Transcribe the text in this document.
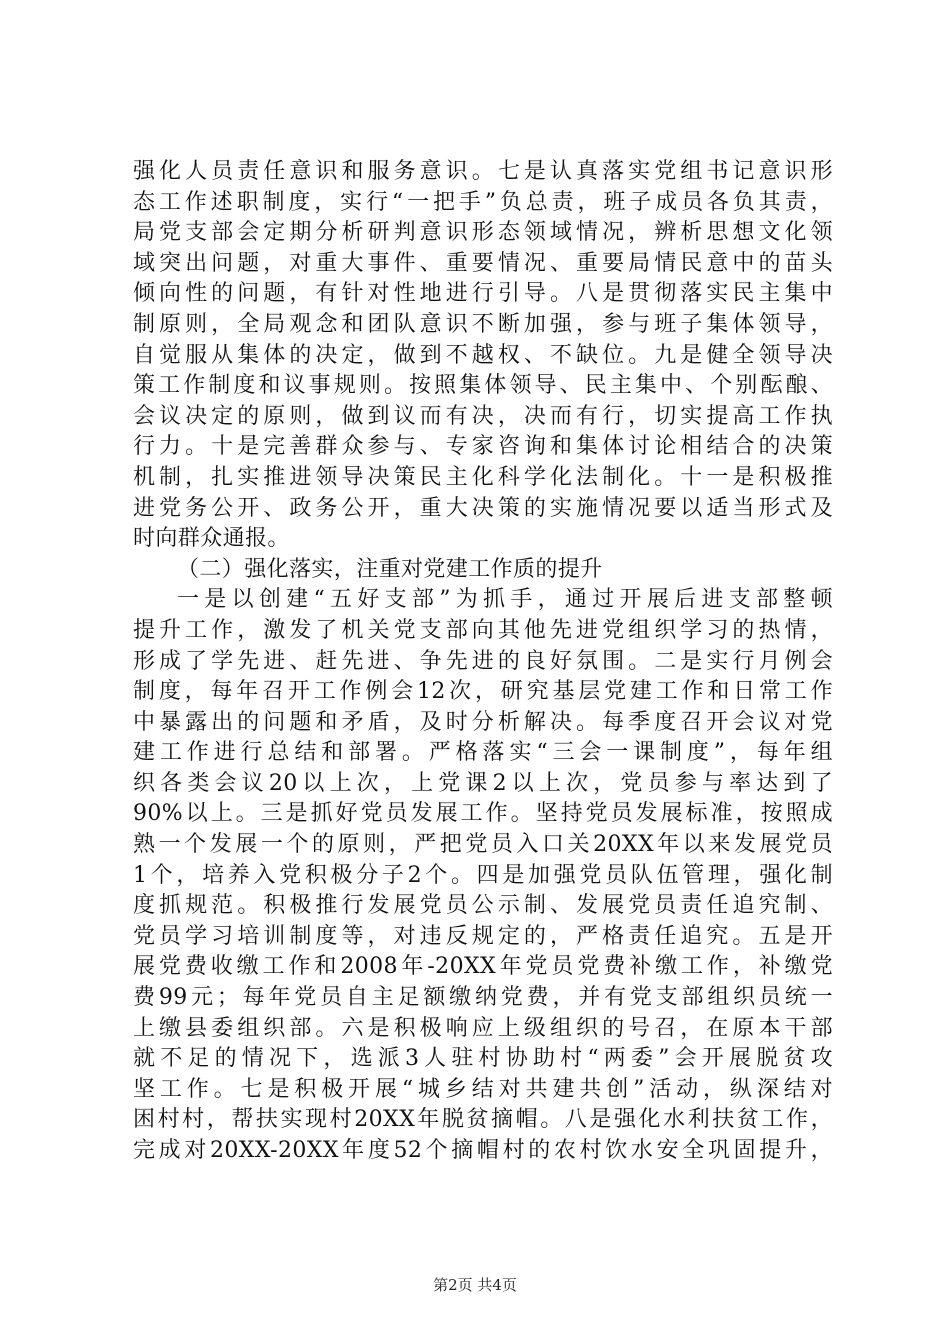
强化人员责任意识和服务意识。七是认真落实党组书记意识形
态工作述职制度，实行“一把手”负总责，班子成员各负其责，
局党支部会定期分析研判意识形态领域情况，辨析思想文化领
域突出问题，对重大事件、重要情况、重要局情民意中的苗头
倾向性的问题，有针对性地进行引导。八是贯彻落实民主集中
制原则，全局观念和团队意识不断加强，参与班子集体领导，
自觉服从集体的决定，做到不越权、不缺位。九是健全领导决
策工作制度和议事规则。按照集体领导、民主集中、个别酝酿、
会议决定的原则，做到议而有决，决而有行，切实提高工作执
行力。十是完善群众参与、专家咨询和集体讨论相结合的决策
机制，扎实推进领导决策民主化科学化法制化。十一是积极推
进党务公开、政务公开，重大决策的实施情况要以适当形式及
时向群众通报。
（二）强化落实，注重对党建工作质的提升
一是以创建“五好支部”为抓手，通过开展后进支部整顿
提升工作，激发了机关党支部向其他先进党组织学习的热情，
形成了学先进、赶先进、争先进的良好氛围。二是实行月例会
制度，每年召开工作例会12次，研究基层党建工作和日常工作
中暴露出的问题和矛盾，及时分析解决。每季度召开会议对党
建工作进行总结和部署。严格落实“三会一课制度”，每年组
织各类会议20以上次，上党课2以上次，党员参与率达到了
90%以上。三是抓好党员发展工作。坚持党员发展标准，按照成
熟一个发展一个的原则，严把党员入口关20XX年以来发展党员
1个，培养入党积极分子2个。四是加强党员队伍管理，强化制
度抓规范。积极推行发展党员公示制、发展党员责任追究制、
党员学习培训制度等，对违反规定的，严格责任追究。五是开
展党费收缴工作和2008年-20XX年党员党费补缴工作，补缴党
费99元；每年党员自主足额缴纳党费，并有党支部组织员统一
上缴县委组织部。六是积极响应上级组织的号召，在原本干部
就不足的情况下，选派3人驻村协助村“两委”会开展脱贫攻
坚工作。七是积极开展“城乡结对共建共创”活动，纵深结对
困村村，帮扶实现村20XX年脱贫摘帽。八是强化水利扶贫工作，
完成对20XX-20XX年度52个摘帽村的农村饮水安全巩固提升，
第2页 共4页
